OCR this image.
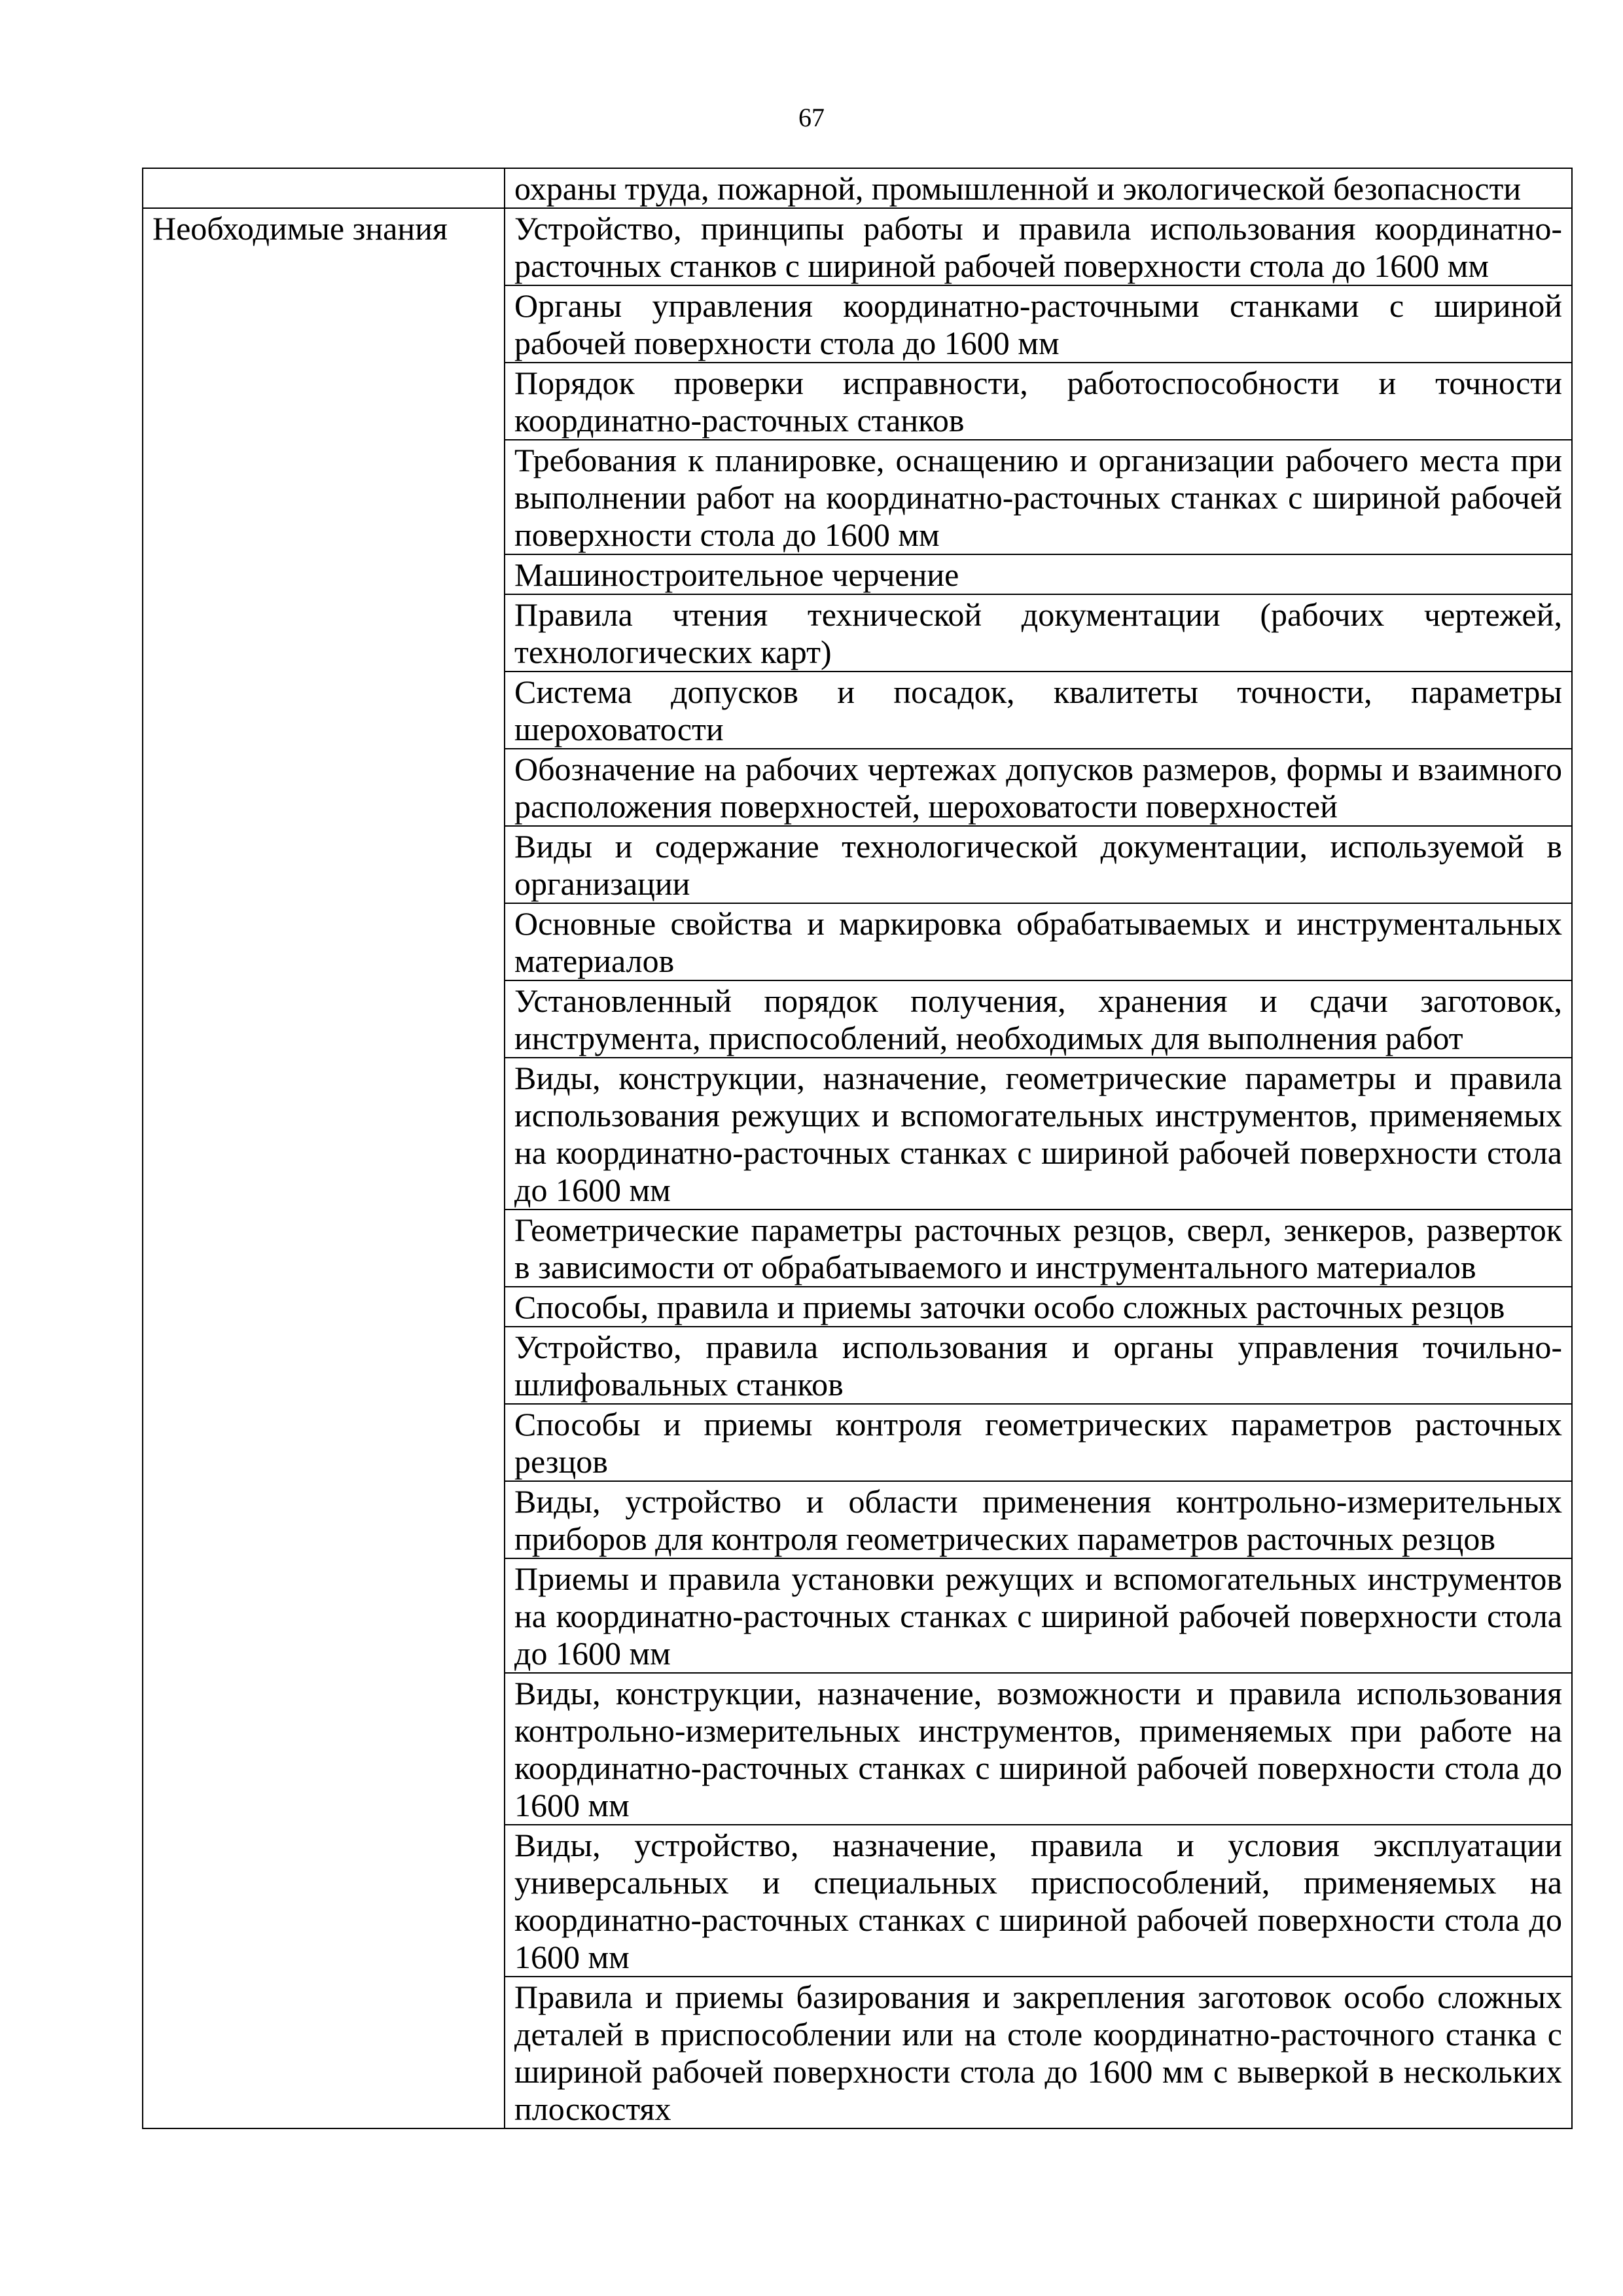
67
	охраны труда, пожарной, промышленной и экологической безопасности
Необходимые знания	Устройство, принципы работы и правила использования координатно-расточных станков с шириной рабочей поверхности стола до 1600 мм
	Органы управления координатно-расточными станками с шириной рабочей поверхности стола до 1600 мм
	Порядок проверки исправности, работоспособности и точности координатно-расточных станков
	Требования к планировке, оснащению и организации рабочего места при выполнении работ на координатно-расточных станках с шириной рабочей поверхности стола до 1600 мм
	Машиностроительное черчение
	Правила чтения технической документации (рабочих чертежей, технологических карт)
	Система допусков и посадок, квалитеты точности, параметры шероховатости
	Обозначение на рабочих чертежах допусков размеров, формы и взаимного расположения поверхностей, шероховатости поверхностей
	Виды и содержание технологической документации, используемой в организации
	Основные свойства и маркировка обрабатываемых и инструментальных материалов
	Установленный порядок получения, хранения и сдачи заготовок, инструмента, приспособлений, необходимых для выполнения работ
	Виды, конструкции, назначение, геометрические параметры и правила использования режущих и вспомогательных инструментов, применяемых на координатно-расточных станках с шириной рабочей поверхности стола до 1600 мм
	Геометрические параметры расточных резцов, сверл, зенкеров, разверток в зависимости от обрабатываемого и инструментального материалов
	Способы, правила и приемы заточки особо сложных расточных резцов
	Устройство, правила использования и органы управления точильно-шлифовальных станков
	Способы и приемы контроля геометрических параметров расточных резцов
	Виды, устройство и области применения контрольно-измерительных приборов для контроля геометрических параметров расточных резцов
	Приемы и правила установки режущих и вспомогательных инструментов на координатно-расточных станках с шириной рабочей поверхности стола до 1600 мм
	Виды, конструкции, назначение, возможности и правила использования контрольно-измерительных инструментов, применяемых при работе на координатно-расточных станках с шириной рабочей поверхности стола до 1600 мм
	Виды, устройство, назначение, правила и условия эксплуатации универсальных и специальных приспособлений, применяемых на координатно-расточных станках с шириной рабочей поверхности стола до 1600 мм
	Правила и приемы базирования и закрепления заготовок особо сложных деталей в приспособлении или на столе координатно-расточного станка с шириной рабочей поверхности стола до 1600 мм с выверкой в нескольких плоскостях
